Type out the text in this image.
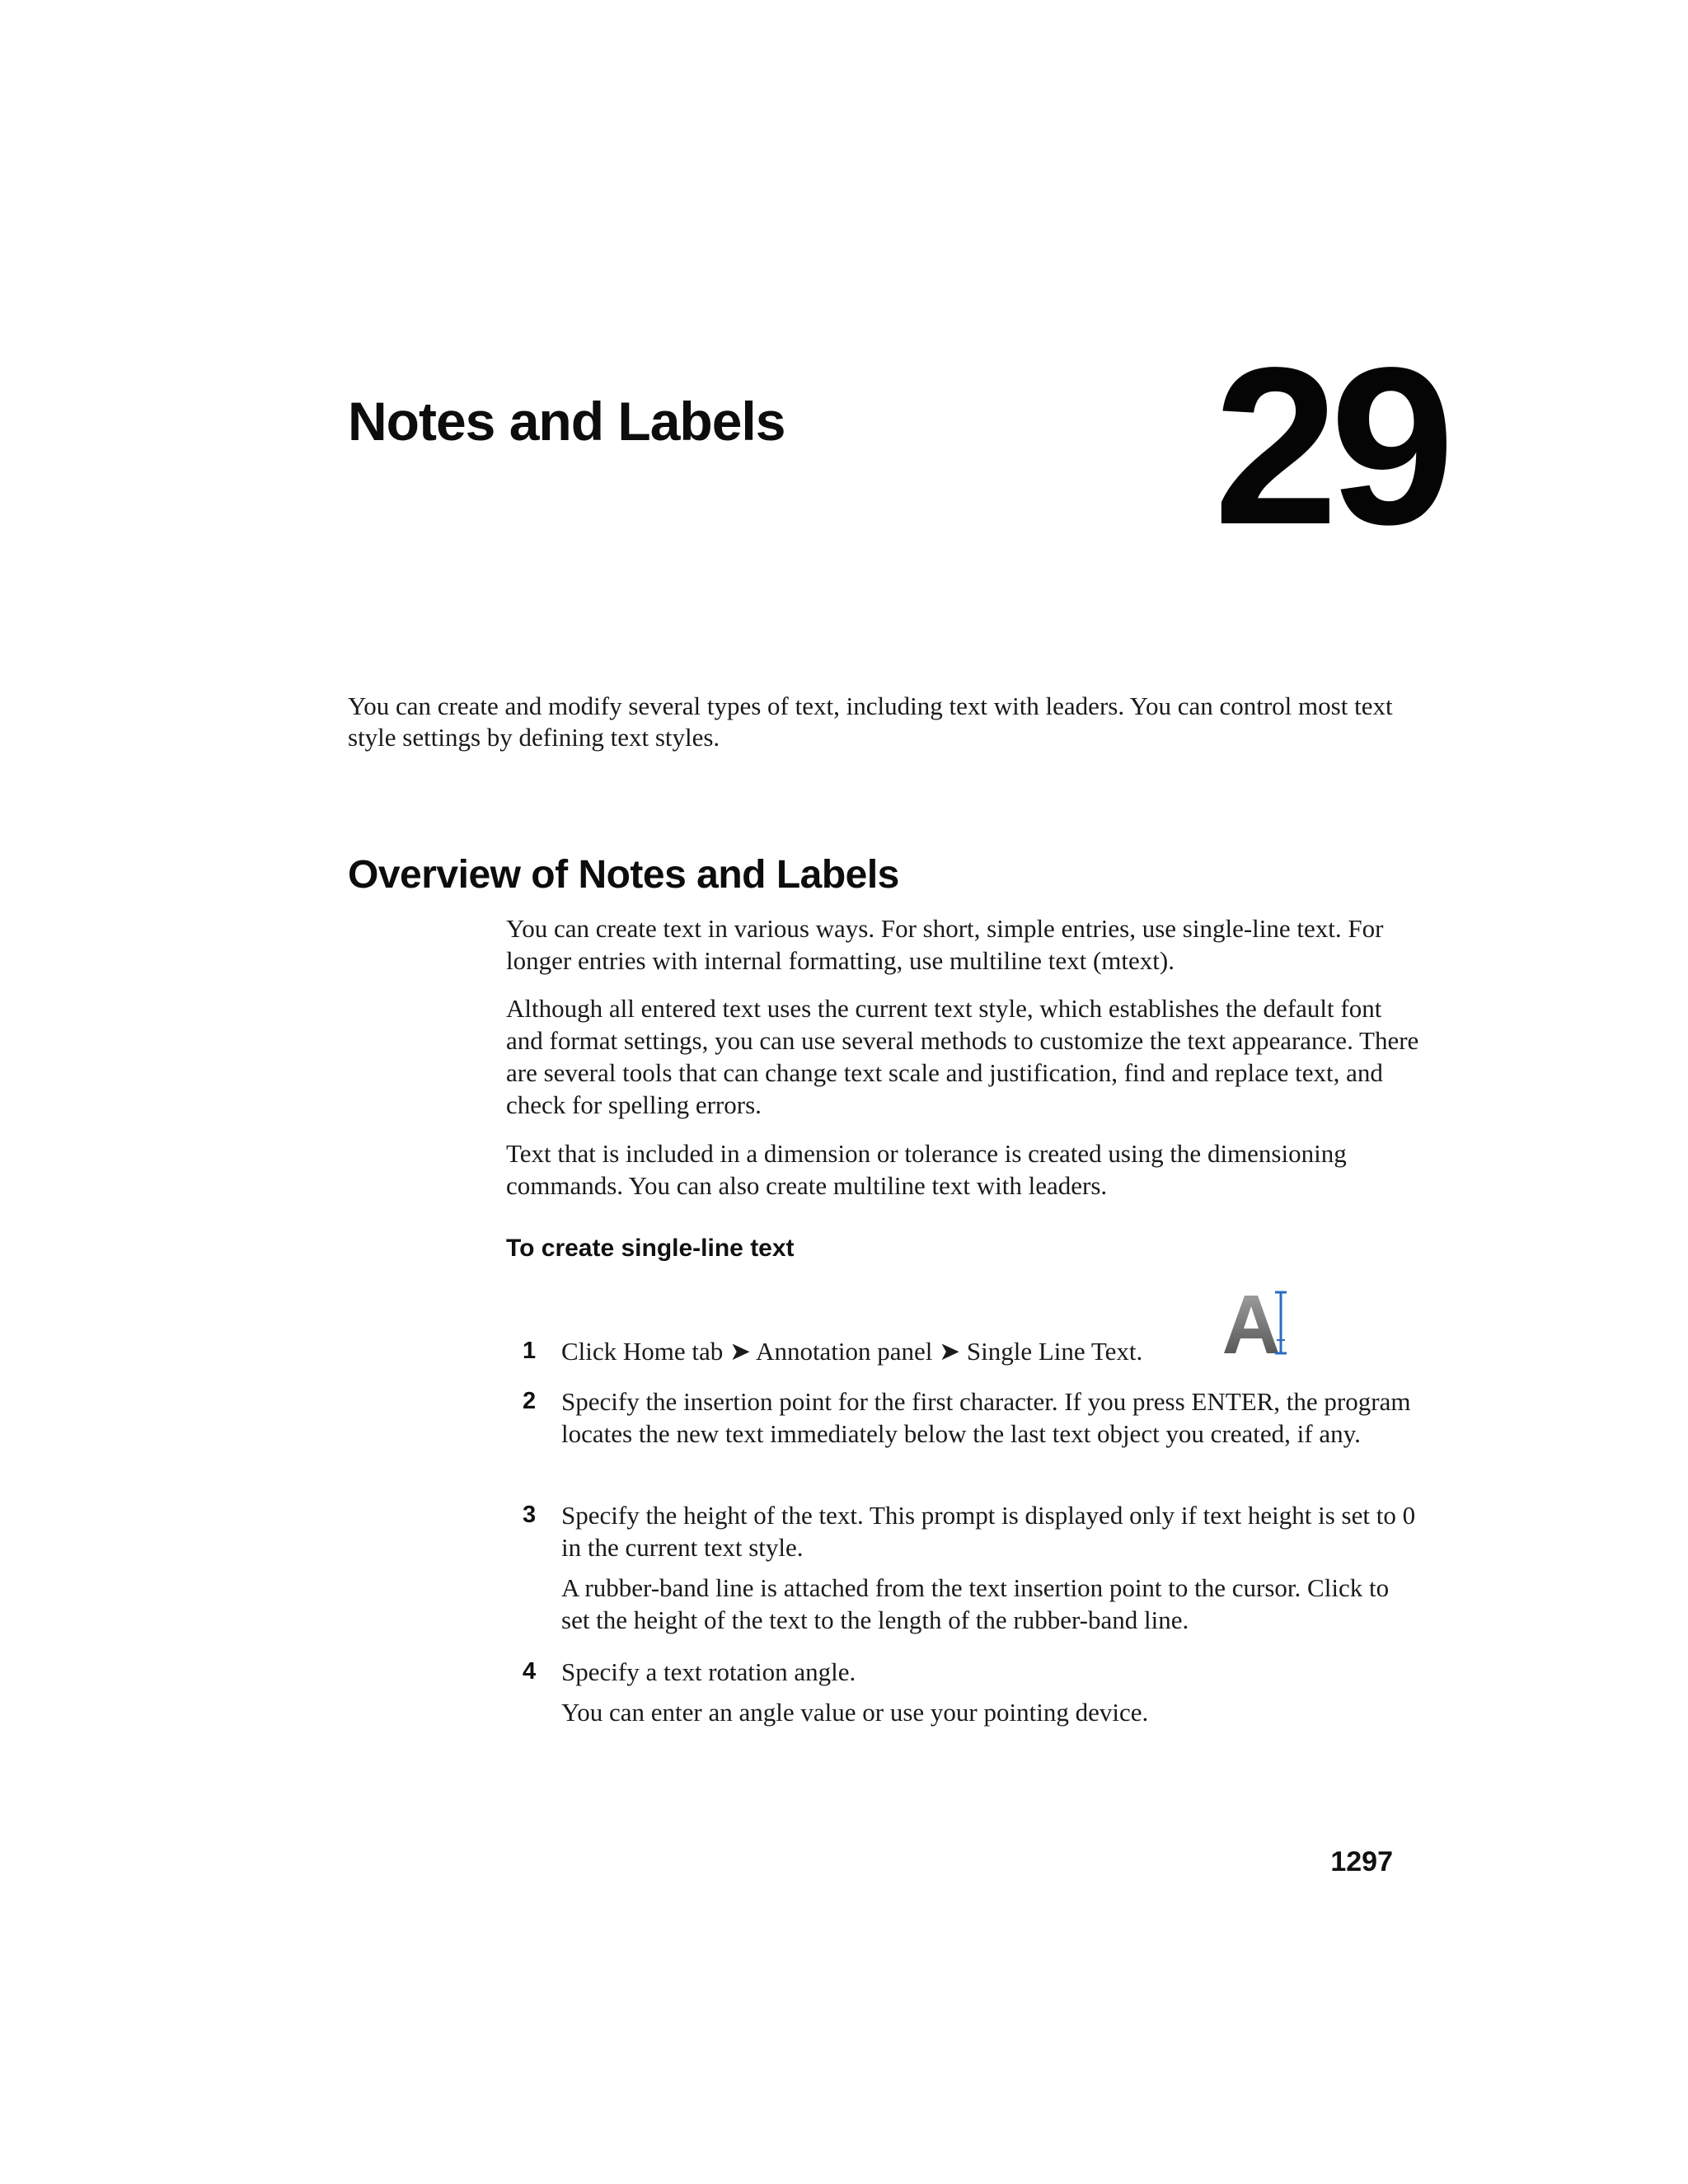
Notes and Labels 29

You can create and modify several types of text, including text with leaders. You can control most text style settings by defining text styles.

Overview of Notes and Labels

You can create text in various ways. For short, simple entries, use single-line text. For longer entries with internal formatting, use multiline text (mtext).

Although all entered text uses the current text style, which establishes the default font and format settings, you can use several methods to customize the text appearance. There are several tools that can change text scale and justification, find and replace text, and check for spelling errors.

Text that is included in a dimension or tolerance is created using the dimensioning commands. You can also create multiline text with leaders.

To create single-line text
1 Click Home tab ➤ Annotation panel ➤ Single Line Text.

2 Specify the insertion point for the first character. If you press ENTER, the program locates the new text immediately below the last text object you created, if any.

3 Specify the height of the text. This prompt is displayed only if text height is set to 0 in the current text style.

A rubber-band line is attached from the text insertion point to the cursor. Click to set the height of the text to the length of the rubber-band line.

4 Specify a text rotation angle.

You can enter an angle value or use your pointing device.

1297
